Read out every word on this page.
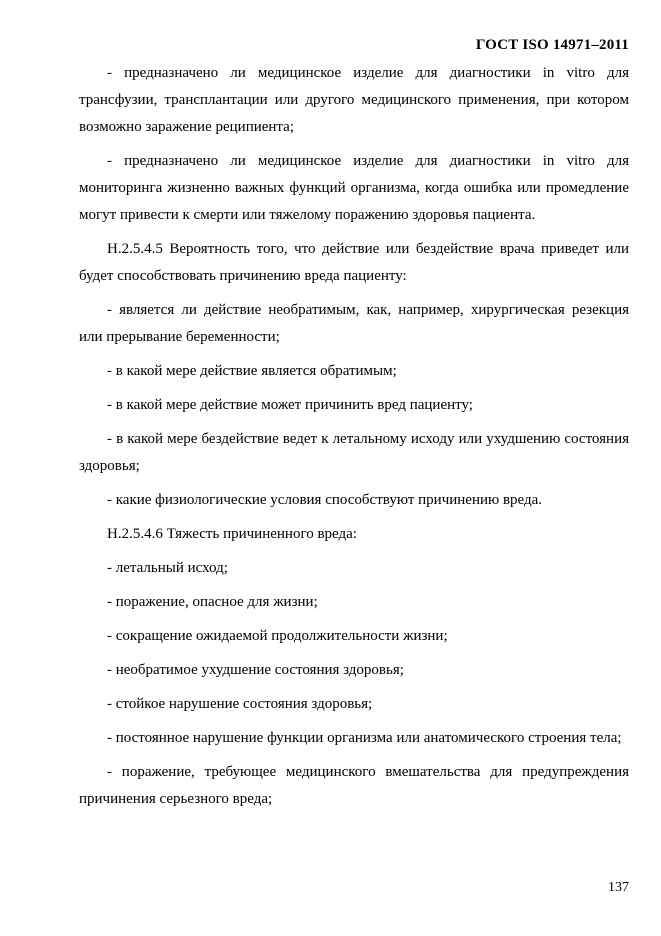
ГОСТ ISO 14971–2011

- предназначено ли медицинское изделие для диагностики in vitro для трансфузии, трансплантации или другого медицинского применения, при котором возможно заражение реципиента;

- предназначено ли медицинское изделие для диагностики in vitro для мониторинга жизненно важных функций организма, когда ошибка или промедление могут привести к смерти или тяжелому поражению здоровья пациента.

Н.2.5.4.5 Вероятность того, что действие или бездействие врача приведет или будет способствовать причинению вреда пациенту:

- является ли действие необратимым, как, например, хирургическая резекция или прерывание беременности;

- в какой мере действие является обратимым;

- в какой мере действие может причинить вред пациенту;

- в какой мере бездействие ведет к летальному исходу или ухудшению состояния здоровья;

- какие физиологические условия способствуют причинению вреда.

Н.2.5.4.6 Тяжесть причиненного вреда:

- летальный исход;

- поражение, опасное для жизни;

- сокращение ожидаемой продолжительности жизни;

- необратимое ухудшение состояния здоровья;

- стойкое нарушение состояния здоровья;

- постоянное нарушение функции организма или анатомического строения тела;

- поражение, требующее медицинского вмешательства для предупреждения причинения серьезного вреда;

137
